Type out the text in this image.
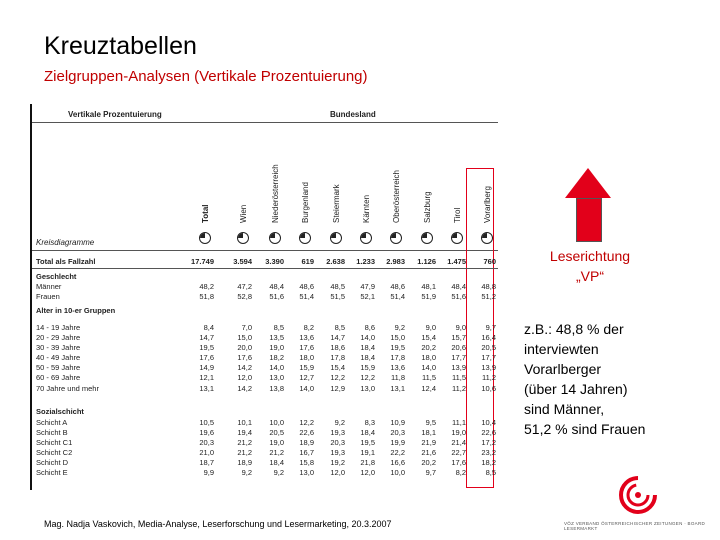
Kreuztabellen
Zielgruppen-Analysen (Vertikale Prozentuierung)
Vertikale Prozentuierung	Bundesland
Kreisdiagramme
Total	Wien	Niederösterreich	Burgenland	Steiermark	Kärnten	Oberösterreich	Salzburg	Tirol	Vorarlberg
Total als Fallzahl	17.749	3.594	3.390	619	2.638	1.233	2.983	1.126	1.475	760
Geschlecht
Männer	48,2	47,2	48,4	48,6	48,5	47,9	48,6	48,1	48,4	48,8
Frauen	51,8	52,8	51,6	51,4	51,5	52,1	51,4	51,9	51,6	51,2
Alter in 10-er Gruppen
14 - 19 Jahre	8,4	7,0	8,5	8,2	8,5	8,6	9,2	9,0	9,0	9,7
20 - 29 Jahre	14,7	15,0	13,5	13,6	14,7	14,0	15,0	15,4	15,7	16,4
30 - 39 Jahre	19,5	20,0	19,0	17,6	18,6	18,4	19,5	20,2	20,6	20,5
40 - 49 Jahre	17,6	17,6	18,2	18,0	17,8	18,4	17,8	18,0	17,7	17,7
50 - 59 Jahre	14,9	14,2	14,0	15,9	15,4	15,9	13,6	14,0	13,9	13,9
60 - 69 Jahre	12,1	12,0	13,0	12,7	12,2	12,2	11,8	11,5	11,5	11,2
70 Jahre und mehr	13,1	14,2	13,8	14,0	12,9	13,0	13,1	12,4	11,2	10,6
Sozialschicht
Schicht A	10,5	10,1	10,0	12,2	9,2	8,3	10,9	9,5	11,1	10,4
Schicht B	19,6	19,4	20,5	22,6	19,3	18,4	20,3	18,1	19,0	22,6
Schicht C1	20,3	21,2	19,0	18,9	20,3	19,5	19,9	21,9	21,4	17,2
Schicht C2	21,0	21,2	21,2	16,7	19,3	19,1	22,2	21,6	22,7	23,2
Schicht D	18,7	18,9	18,4	15,8	19,2	21,8	16,6	20,2	17,6	18,2
Schicht E	9,9	9,2	9,2	13,0	12,0	12,0	10,0	9,7	8,2	8,5
Leserichtung
„VP“
z.B.: 48,8 % der
interviewten
Vorarlberger
(über 14 Jahren)
sind Männer,
51,2 % sind Frauen
Mag. Nadja Vaskovich, Media-Analyse, Leserforschung und Lesermarketing, 20.3.2007	VÖZ VERBAND ÖSTERREICHISCHER ZEITUNGEN · BOARD LESERMARKT
